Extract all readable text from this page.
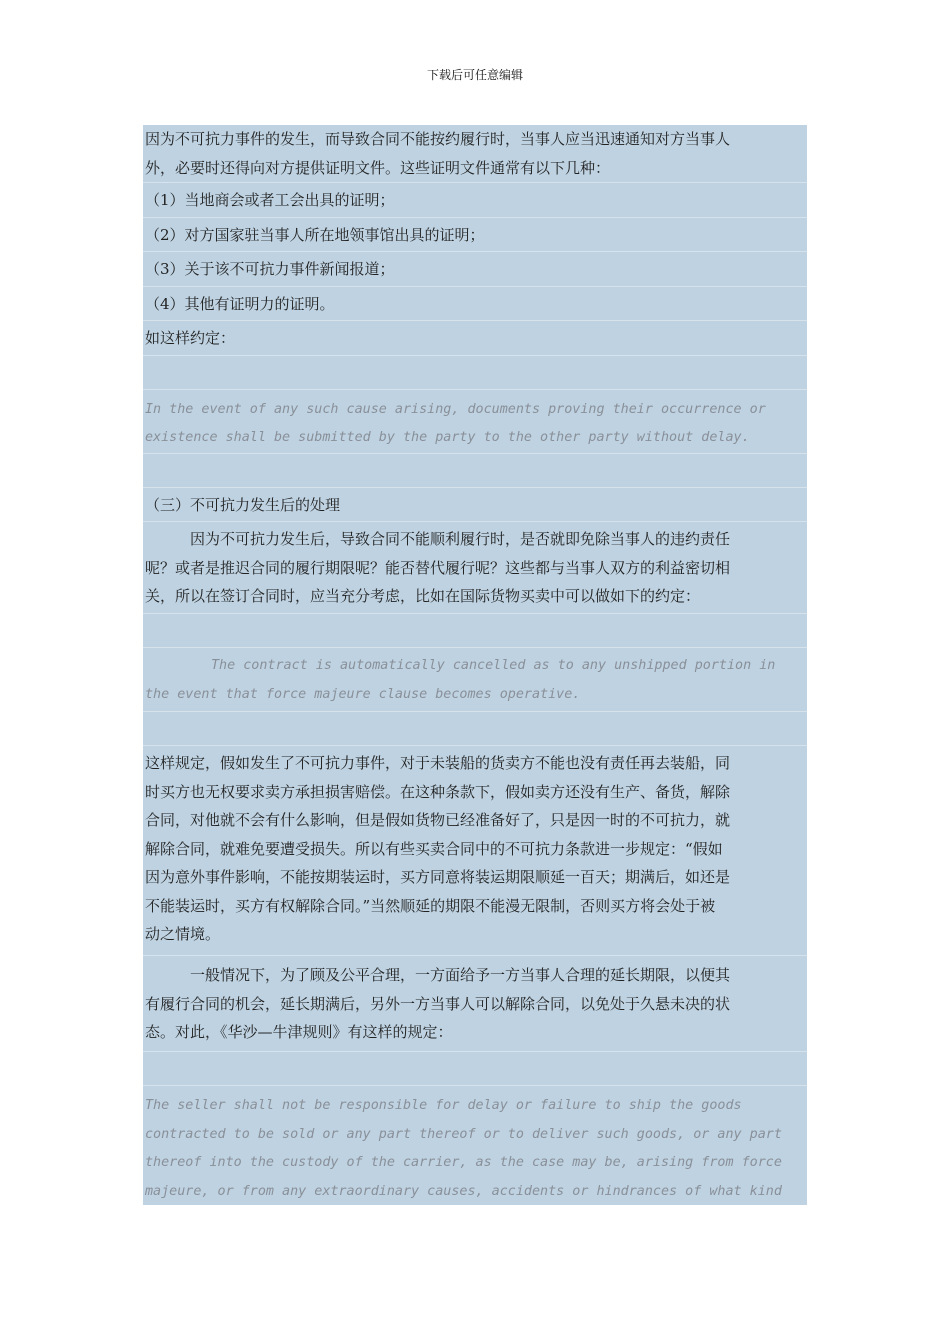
下载后可任意编辑
因为不可抗力事件的发生，而导致合同不能按约履行时，当事人应当迅速通知对方当事人
外，必要时还得向对方提供证明文件。这些证明文件通常有以下几种：
（1）当地商会或者工会出具的证明；
（2）对方国家驻当事人所在地领事馆出具的证明；
（3）关于该不可抗力事件新闻报道；
（4）其他有证明力的证明。
如这样约定：
In the event of any such cause arising, documents proving their occurrence or
existence shall be submitted by the party to the other party without delay.
（三）不可抗力发生后的处理
因为不可抗力发生后，导致合同不能顺利履行时，是否就即免除当事人的违约责任
呢？或者是推迟合同的履行期限呢？能否替代履行呢？这些都与当事人双方的利益密切相
关，所以在签订合同时，应当充分考虑，比如在国际货物买卖中可以做如下的约定：
The contract is automatically cancelled as to any unshipped portion in
the event that force majeure clause becomes operative.
这样规定，假如发生了不可抗力事件，对于未装船的货卖方不能也没有责任再去装船，同
时买方也无权要求卖方承担损害赔偿。在这种条款下，假如卖方还没有生产、备货，解除
合同，对他就不会有什么影响，但是假如货物已经准备好了，只是因一时的不可抗力，就
解除合同，就难免要遭受损失。所以有些买卖合同中的不可抗力条款进一步规定：“假如
因为意外事件影响，不能按期装运时，买方同意将装运期限顺延一百天；期满后，如还是
不能装运时，买方有权解除合同。”当然顺延的期限不能漫无限制，否则买方将会处于被
动之情境。
一般情况下，为了顾及公平合理，一方面给予一方当事人合理的延长期限，以便其
有履行合同的机会，延长期满后，另外一方当事人可以解除合同，以免处于久悬未决的状
态。对此，《华沙—牛津规则》有这样的规定：
The seller shall not be responsible for delay or failure to ship the goods
contracted to be sold or any part thereof or to deliver such goods, or any part
thereof into the custody of the carrier, as the case may be, arising from force
majeure, or from any extraordinary causes, accidents or hindrances of what kind
